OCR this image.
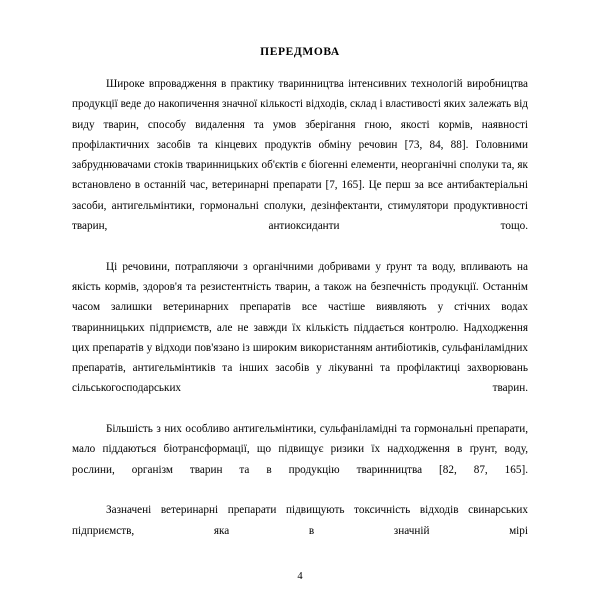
ПЕРЕДМОВА

Широке впровадження в практику тваринництва інтенсивних технологій виробництва продукції веде до накопичення значної кількості відходів, склад і властивості яких залежать від виду тварин, способу видалення та умов зберігання гною, якості кормів, наявності профілактичних засобів та кінцевих продуктів обміну речовин [73, 84, 88]. Головними забруднювачами стоків тваринницьких об'єктів є біогенні елементи, неорганічні сполуки та, як встановлено в останній час, ветеринарні препарати [7, 165]. Це перш за все антибактеріальні засоби, антигельмінтики, гормональні сполуки, дезінфектанти, стимулятори продуктивності тварин, антиоксиданти тощо.

Ці речовини, потрапляючи з органічними добривами у ґрунт та воду, впливають на якість кормів, здоров'я та резистентність тварин, а також на безпечність продукції. Останнім часом залишки ветеринарних препаратів все частіше виявляють у стічних водах тваринницьких підприємств, але не завжди їх кількість піддається контролю. Надходження цих препаратів у відходи пов'язано із широким використанням антибіотиків, сульфаніламідних препаратів, антигельмінтиків та інших засобів у лікуванні та профілактиці захворювань сільськогосподарських тварин.

Більшість з них особливо антигельмінтики, сульфаніламідні та гормональні препарати, мало піддаються біотрансформації, що підвищує ризики їх надходження в ґрунт, воду, рослини, організм тварин та в продукцію тваринництва [82, 87, 165].

Зазначені ветеринарні препарати підвищують токсичність відходів свинарських підприємств, яка в значній мірі

4
